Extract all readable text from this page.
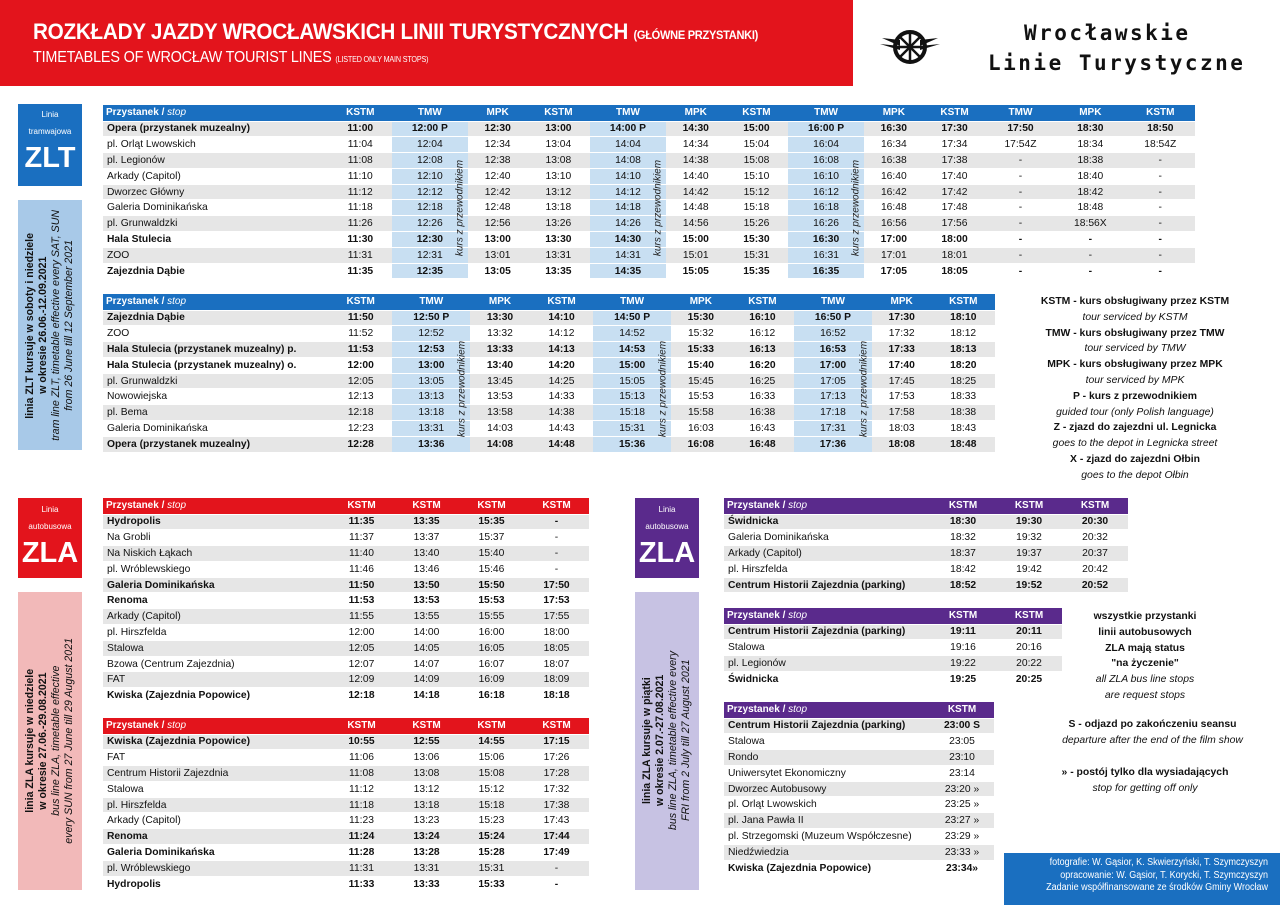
ROZKŁADY JAZDY WROCŁAWSKICH LINII TURYSTYCZNYCH (GŁÓWNE PRZYSTANKI)
TIMETABLES OF WROCŁAW TOURIST LINES (LISTED ONLY MAIN STOPS)
Wrocławskie
Linie Turystyczne
Linia
tramwajowa
ZLT
linia ZLT kursuje w soboty i niedziele
w okresie 26.06.-12.09.2021
tram line ZLT, timetable effective every SAT, SUN
from 26 June till 12 September 2021
Linia
autobusowa
ZLA
linia ZLA kursuje w niedziele
w okresie 27.06.-29.08.2021
bus line ZLA, timetable effective
every SUN from 27 June till 29 August 2021
Linia
autobusowa
ZLA
linia ZLA kursuje w piątki
w okresie 2.07.-27.08.2021
bus line ZLA, timetable effective every
FRI from 2 July till 27 August 2021
Przystanek / stop	KSTM	TMW	MPK	KSTM	TMW	MPK	KSTM	TMW	MPK	KSTM	TMW	MPK	KSTM
Opera (przystanek muzealny)	11:00	12:00 P	12:30	13:00	14:00 P	14:30	15:00	16:00 P	16:30	17:30	17:50	18:30	18:50
pl. Orląt Lwowskich	11:04	12:04	12:34	13:04	14:04	14:34	15:04	16:04	16:34	17:34	17:54Z	18:34	18:54Z
pl. Legionów	11:08	12:08	12:38	13:08	14:08	14:38	15:08	16:08	16:38	17:38	-	18:38	-
Arkady (Capitol)	11:10	12:10	12:40	13:10	14:10	14:40	15:10	16:10	16:40	17:40	-	18:40	-
Dworzec Główny	11:12	12:12	12:42	13:12	14:12	14:42	15:12	16:12	16:42	17:42	-	18:42	-
Galeria Dominikańska	11:18	12:18	12:48	13:18	14:18	14:48	15:18	16:18	16:48	17:48	-	18:48	-
pl. Grunwaldzki	11:26	12:26	12:56	13:26	14:26	14:56	15:26	16:26	16:56	17:56	-	18:56X	-
Hala Stulecia	11:30	12:30	13:00	13:30	14:30	15:00	15:30	16:30	17:00	18:00	-	-	-
ZOO	11:31	12:31	13:01	13:31	14:31	15:01	15:31	16:31	17:01	18:01	-	-	-
Zajezdnia Dąbie	11:35	12:35	13:05	13:35	14:35	15:05	15:35	16:35	17:05	18:05	-	-	-
Przystanek / stop	KSTM	TMW	MPK	KSTM	TMW	MPK	KSTM	TMW	MPK	KSTM
Zajezdnia Dąbie	11:50	12:50 P	13:30	14:10	14:50 P	15:30	16:10	16:50 P	17:30	18:10
ZOO	11:52	12:52	13:32	14:12	14:52	15:32	16:12	16:52	17:32	18:12
Hala Stulecia (przystanek muzealny) p.	11:53	12:53	13:33	14:13	14:53	15:33	16:13	16:53	17:33	18:13
Hala Stulecia (przystanek muzealny) o.	12:00	13:00	13:40	14:20	15:00	15:40	16:20	17:00	17:40	18:20
pl. Grunwaldzki	12:05	13:05	13:45	14:25	15:05	15:45	16:25	17:05	17:45	18:25
Nowowiejska	12:13	13:13	13:53	14:33	15:13	15:53	16:33	17:13	17:53	18:33
pl. Bema	12:18	13:18	13:58	14:38	15:18	15:58	16:38	17:18	17:58	18:38
Galeria Dominikańska	12:23	13:31	14:03	14:43	15:31	16:03	16:43	17:31	18:03	18:43
Opera (przystanek muzealny)	12:28	13:36	14:08	14:48	15:36	16:08	16:48	17:36	18:08	18:48
Przystanek / stop	KSTM	KSTM	KSTM	KSTM
Hydropolis	11:35	13:35	15:35	-
Na Grobli	11:37	13:37	15:37	-
Na Niskich Łąkach	11:40	13:40	15:40	-
pl. Wróblewskiego	11:46	13:46	15:46	-
Galeria Dominikańska	11:50	13:50	15:50	17:50
Renoma	11:53	13:53	15:53	17:53
Arkady (Capitol)	11:55	13:55	15:55	17:55
pl. Hirszfelda	12:00	14:00	16:00	18:00
Stalowa	12:05	14:05	16:05	18:05
Bzowa (Centrum Zajezdnia)	12:07	14:07	16:07	18:07
FAT	12:09	14:09	16:09	18:09
Kwiska (Zajezdnia Popowice)	12:18	14:18	16:18	18:18
Przystanek / stop	KSTM	KSTM	KSTM	KSTM
Kwiska (Zajezdnia Popowice)	10:55	12:55	14:55	17:15
FAT	11:06	13:06	15:06	17:26
Centrum Historii Zajezdnia	11:08	13:08	15:08	17:28
Stalowa	11:12	13:12	15:12	17:32
pl. Hirszfelda	11:18	13:18	15:18	17:38
Arkady (Capitol)	11:23	13:23	15:23	17:43
Renoma	11:24	13:24	15:24	17:44
Galeria Dominikańska	11:28	13:28	15:28	17:49
pl. Wróblewskiego	11:31	13:31	15:31	-
Hydropolis	11:33	13:33	15:33	-
Przystanek / stop	KSTM	KSTM	KSTM
Świdnicka	18:30	19:30	20:30
Galeria Dominikańska	18:32	19:32	20:32
Arkady (Capitol)	18:37	19:37	20:37
pl. Hirszfelda	18:42	19:42	20:42
Centrum Historii Zajezdnia (parking)	18:52	19:52	20:52
Przystanek / stop	KSTM	KSTM
Centrum Historii Zajezdnia (parking)	19:11	20:11
Stalowa	19:16	20:16
pl. Legionów	19:22	20:22
Świdnicka	19:25	20:25
Przystanek / stop	KSTM
Centrum Historii Zajezdnia (parking)	23:00 S
Stalowa	23:05
Rondo	23:10
Uniwersytet Ekonomiczny	23:14
Dworzec Autobusowy	23:20 »
pl. Orląt Lwowskich	23:25 »
pl. Jana Pawła II	23:27 »
pl. Strzegomski (Muzeum Współczesne)	23:29 »
Niedźwiedzia	23:33 »
Kwiska (Zajezdnia Popowice)	23:34»
KSTM - kurs obsługiwany przez KSTM
tour serviced by KSTM
TMW - kurs obsługiwany przez TMW
tour serviced by TMW
MPK - kurs obsługiwany przez MPK
tour serviced by MPK
P - kurs z przewodnikiem
guided tour (only Polish language)
Z - zjazd do zajezdni ul. Legnicka
goes to the depot in Legnicka street
X - zjazd do zajezdni Ołbin
goes to the depot Ołbin
wszystkie przystanki
linii autobusowych
ZLA mają status
"na życzenie"
all ZLA bus line stops
are request stops
S - odjazd po zakończeniu seansu
departure after the end of the film show
» - postój tylko dla wysiadających
stop for getting off only
fotografie: W. Gąsior, K. Skwierzyński, T. Szymczyszyn
opracowanie: W. Gąsior, T. Korycki, T. Szymczyszyn
Zadanie współfinansowane ze środków Gminy Wrocław
kurs z przewodnikiem	kurs z przewodnikiem	kurs z przewodnikiem
kurs z przewodnikiem	kurs z przewodnikiem	kurs z przewodnikiem
